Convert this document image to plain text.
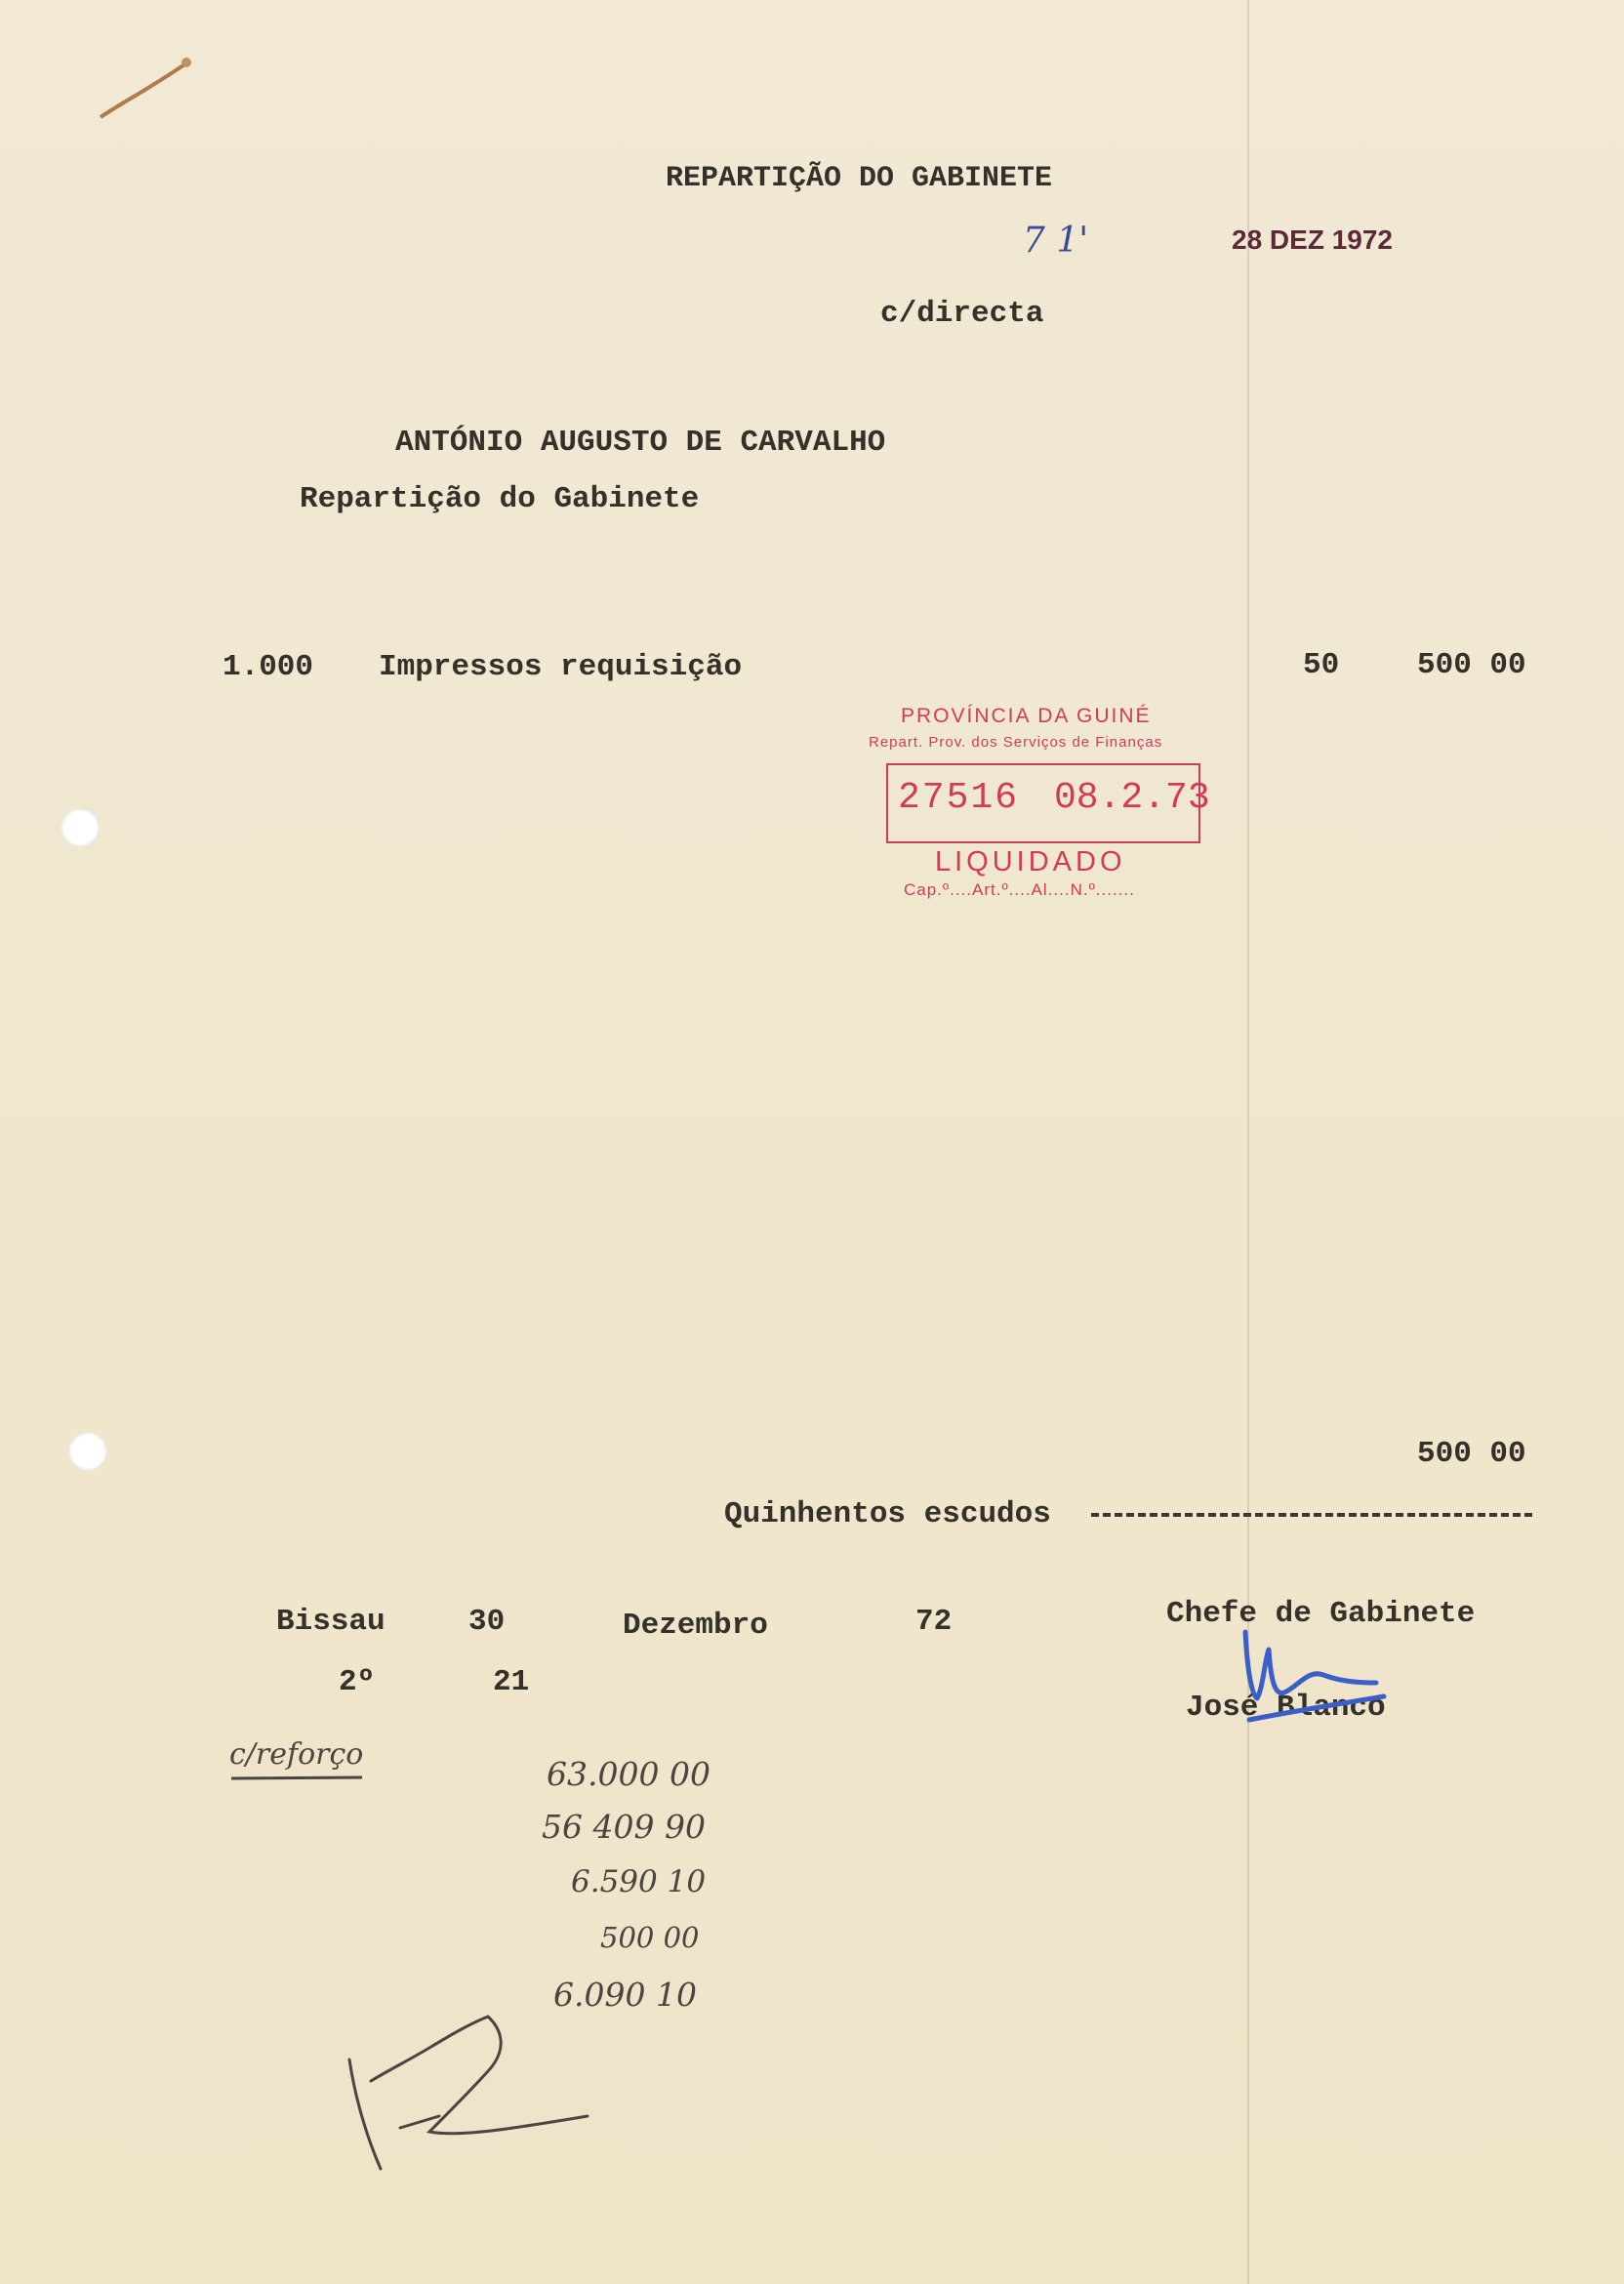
REPARTIÇÃO DO GABINETE
7 1'	28 DEZ 1972
c/directa
ANTÓNIO AUGUSTO DE CARVALHO
Repartição do Gabinete
1.000 Impressos requisição	50	500 00
PROVÍNCIA DA GUINÉ
Repart. Prov. dos Serviços de Finanças
27516 08.2.73
LIQUIDADO
Cap.º....Art.º....Al....N.º.......
500 00
Quinhentos escudos
Bissau	30	Dezembro	72	Chefe de Gabinete
2º	21
José Blanco
c/reforço
63.000 00
56 409 90
6.590 10
500 00
6.090 10
